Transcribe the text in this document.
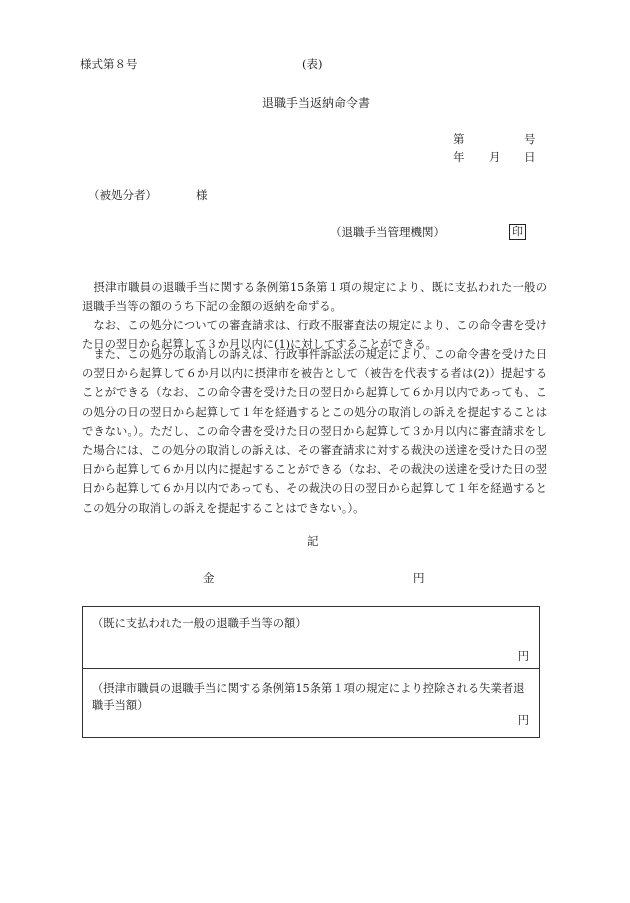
様式第８号	(表)
退職手当返納命令書
第	号
年 月 日
（被処分者）	様
（退職手当管理機関）	印
　摂津市職員の退職手当に関する条例第15条第１項の規定により、既に支払われた一般の退職手当等の額のうち下記の金額の返納を命ずる。
　なお、この処分についての審査請求は、行政不服審査法の規定により、この命令書を受けた日の翌日から起算して３か月以内に(1)に対してすることができる。
　また、この処分の取消しの訴えは、行政事件訴訟法の規定により、この命令書を受けた日の翌日から起算して６か月以内に摂津市を被告として（被告を代表する者は(2)）提起することができる（なお、この命令書を受けた日の翌日から起算して６か月以内であっても、この処分の日の翌日から起算して１年を経過するとこの処分の取消しの訴えを提起することはできない。）。ただし、この命令書を受けた日の翌日から起算して３か月以内に審査請求をした場合には、この処分の取消しの訴えは、その審査請求に対する裁決の送達を受けた日の翌日から起算して６か月以内に提起することができる（なお、その裁決の送達を受けた日の翌日から起算して６か月以内であっても、その裁決の日の翌日から起算して１年を経過するとこの処分の取消しの訴えを提起することはできない。）。
記
金	円
（既に支払われた一般の退職手当等の額）
円
（摂津市職員の退職手当に関する条例第15条第１項の規定により控除される失業者退職手当額）
円
